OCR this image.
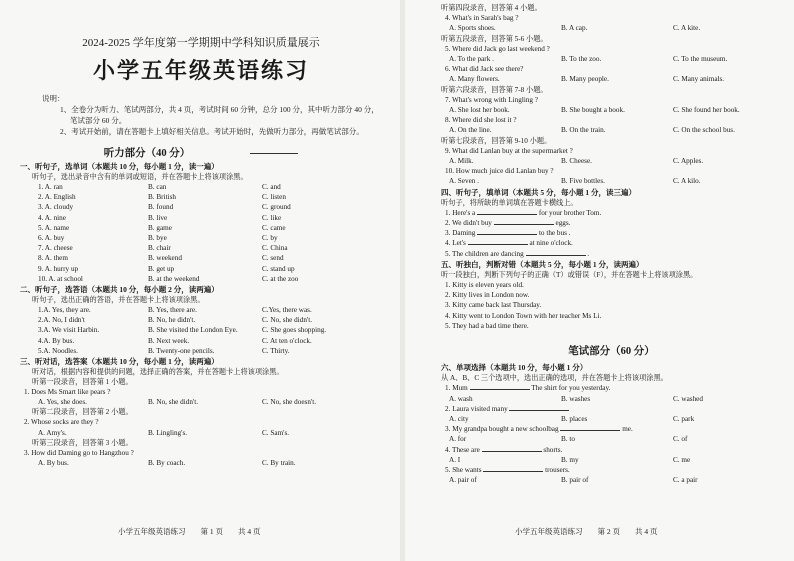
2024-2025 学年度第一学期期中学科知识质量展示
小学五年级英语练习
说明：
1、全卷分为听力、笔试两部分，共 4 页，考试时间 60 分钟，总分 100 分，其中听力部分 40 分，笔试部分 60 分。
2、考试开始前，请在答题卡上填好相关信息。考试开始时，先做听力部分，再做笔试部分。
听力部分（40 分）
一、听句子，选单词（本题共 10 分，每小题 1 分，读一遍）
听句子，选出录音中含有的单词或短语，并在答题卡上将该项涂黑。
1. A. ran	B. can	C. and
2. A. English	B. British	C. listen
3. A. cloudy	B. found	C. ground
4. A. nine	B. live	C. like
5. A. name	B. game	C. came
6. A. buy	B. bye	C. by
7. A. cheese	B. chair	C. China
8. A. them	B. weekend	C. send
9. A. hurry up	B. get up	C. stand up
10. A. at school	B. at the weekend	C. at the zoo
二、听句子，选答语（本题共 10 分，每小题 2 分，读两遍）
听句子，选出正确的答语，并在答题卡上将该项涂黑。
1.A. Yes, they are.	B. Yes, there are.	C.Yes, there was.
2.A. No, I didn't	B. No, he didn't.	C. No, she didn't.
3.A. We visit Harbin.	B. She visited the London Eye.	C. She goes shopping.
4.A. By bus.	B. Next week.	C. At ten o'clock.
5.A. Noodles.	B. Twenty-one pencils.	C. Thirty.
三、听对话，选答案（本题共 10 分，每小题 1 分，读两遍）
听对话，根据内容和提供的问题，选择正确的答案，并在答题卡上将该项涂黑。
听第一段录音，回答第 1 小题。
1. Does Ms Smart like pears ?
A. Yes, she does.	B. No, she didn't.	C. No, she doesn't.
听第二段录音，回答第 2 小题。
2. Whose socks are they ?
A. Amy's.	B. Lingling's.	C. Sam's.
听第三段录音，回答第 3 小题。
3. How did Daming go to Hangzhou ?
A. By bus.	B. By coach.	C. By train.
小学五年级英语练习　　第 1 页　　共 4 页
听第四段录音，回答第 4 小题。
4. What's in Sarah's bag ?
A. Sports shoes.	B. A cap.	C. A kite.
听第五段录音，回答第 5-6 小题。
5. Where did Jack go last weekend ?
A. To the park .	B. To the zoo.	C. To the museum.
6. What did Jack see there?
A. Many flowers.	B. Many people.	C. Many animals.
听第六段录音，回答第 7-8 小题。
7. What's wrong with Lingling ?
A. She lost her book.	B. She bought a book.	C. She found her book.
8. Where did she lost it ?
A. On the line.	B. On the train.	C. On the school bus.
听第七段录音，回答第 9-10 小题。
9. What did Lanlan buy at the supermarket ?
A. Milk.	B. Cheese.	C. Apples.
10. How much juice did Lanlan buy ?
A. Seven .	B. Five bottles.	C. A kilo.
四、听句子，填单词（本题共 5 分，每小题 1 分，读三遍）
听句子，将所缺的单词填在答题卡横线上。
1. Here's a	for your brother Tom.
2. We didn't buy	eggs.
3. Daming	to the bus .
4. Let's	at nine o'clock.
5. The children are dancing	.
五、听独白，判断对错（本题共 5 分，每小题 1 分，读两遍）
听一段独白，判断下列句子的正确（T）或错误（F），并在答题卡上将该项涂黑。
1. Kitty is eleven years old.
2. Kitty lives in London now.
3. Kitty came back last Thursday.
4. Kitty went to London Town with her teacher Ms Li.
5. They had a bad time there.
笔试部分（60 分）
六、单项选择（本题共 10 分，每小题 1 分）
从 A、B、C 三个选项中，选出正确的选项，并在答题卡上将该项涂黑。
1. Mum	The shirt for you yesterday.
A. wash	B. washes	C. washed
2. Laura visited many
A. city	B. places	C. park
3. My grandpa bought a new schoolbag	me.
A. for	B. to	C. of
4. These are	shorts.
A. I	B. my	C. me
5. She wants	trousers.
A. pair of	B. pair of	C. a pair
小学五年级英语练习　　第 2 页　　共 4 页
